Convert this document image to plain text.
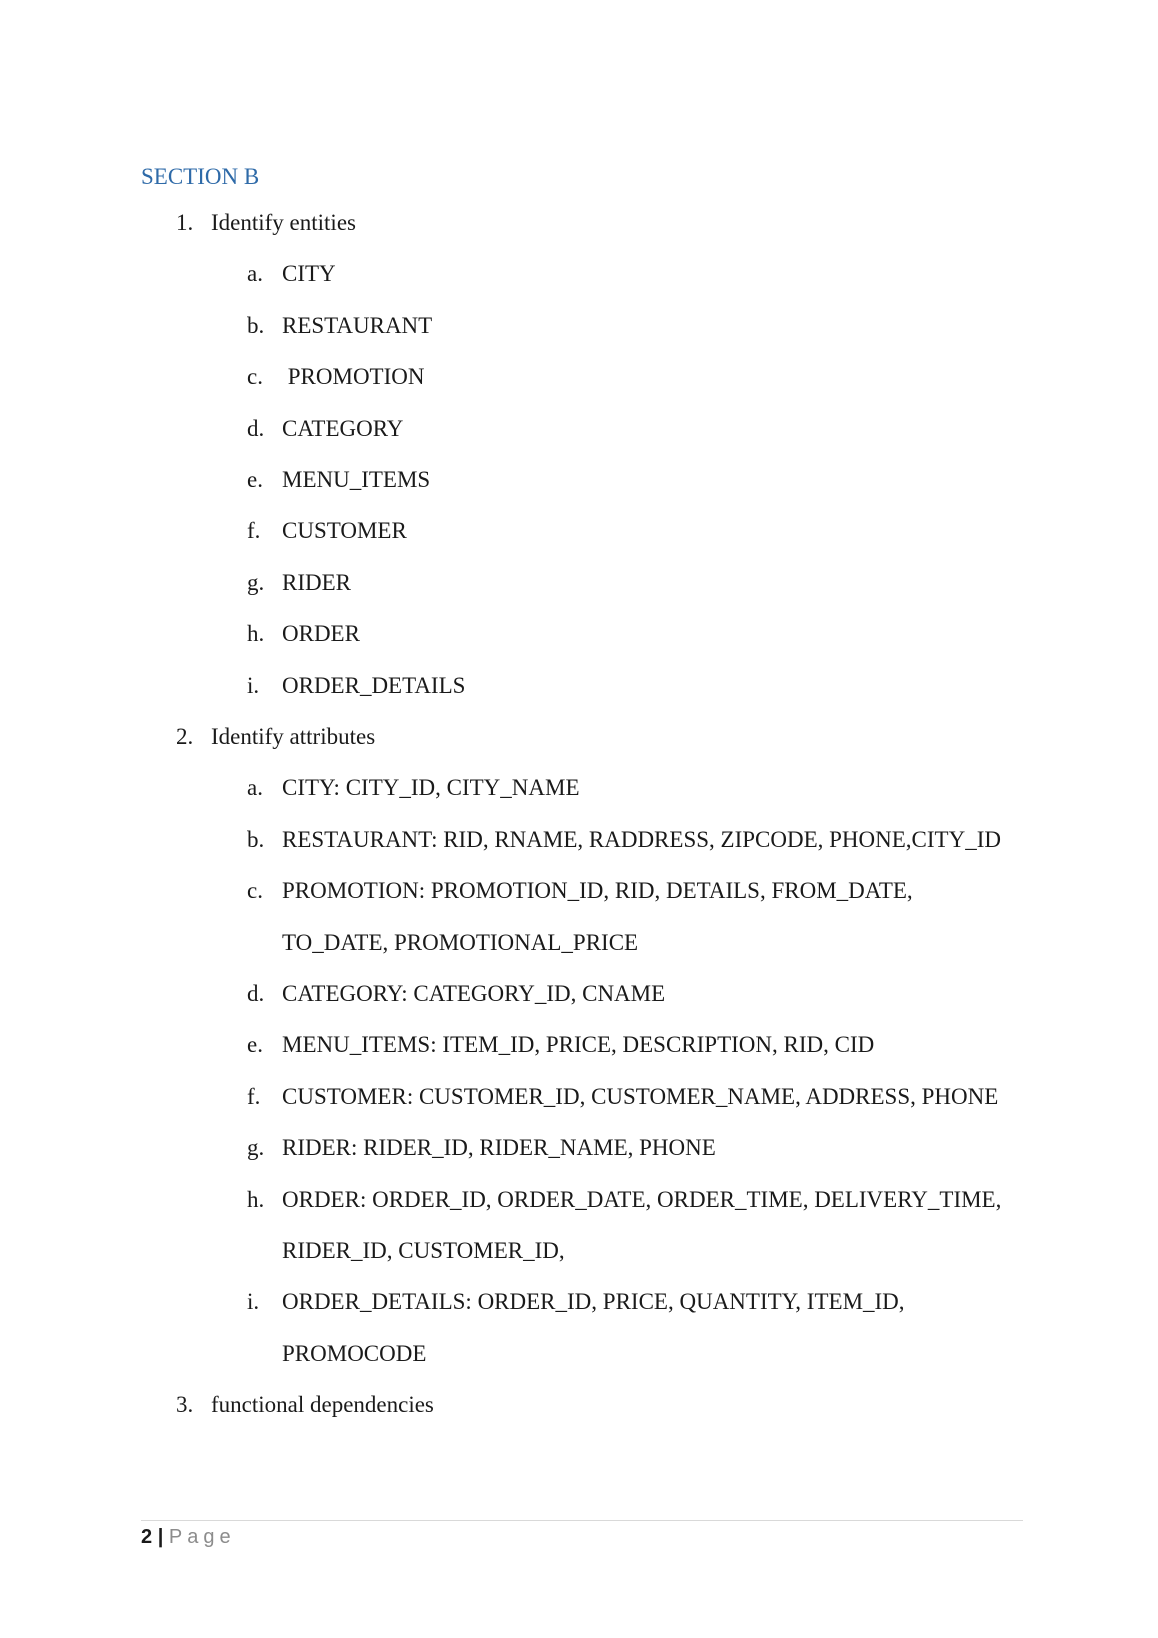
SECTION B
1. Identify entities
a. CITY
b. RESTAURANT
c. PROMOTION
d. CATEGORY
e. MENU_ITEMS
f. CUSTOMER
g. RIDER
h. ORDER
i. ORDER_DETAILS
2. Identify attributes
a. CITY: CITY_ID, CITY_NAME
b. RESTAURANT: RID, RNAME, RADDRESS, ZIPCODE, PHONE,CITY_ID
c. PROMOTION: PROMOTION_ID, RID, DETAILS, FROM_DATE,
TO_DATE, PROMOTIONAL_PRICE
d. CATEGORY: CATEGORY_ID, CNAME
e. MENU_ITEMS: ITEM_ID, PRICE, DESCRIPTION, RID, CID
f. CUSTOMER: CUSTOMER_ID, CUSTOMER_NAME, ADDRESS, PHONE
g. RIDER: RIDER_ID, RIDER_NAME, PHONE
h. ORDER: ORDER_ID, ORDER_DATE, ORDER_TIME, DELIVERY_TIME,
RIDER_ID, CUSTOMER_ID,
i. ORDER_DETAILS: ORDER_ID, PRICE, QUANTITY, ITEM_ID,
PROMOCODE
3. functional dependencies
2 | Page
